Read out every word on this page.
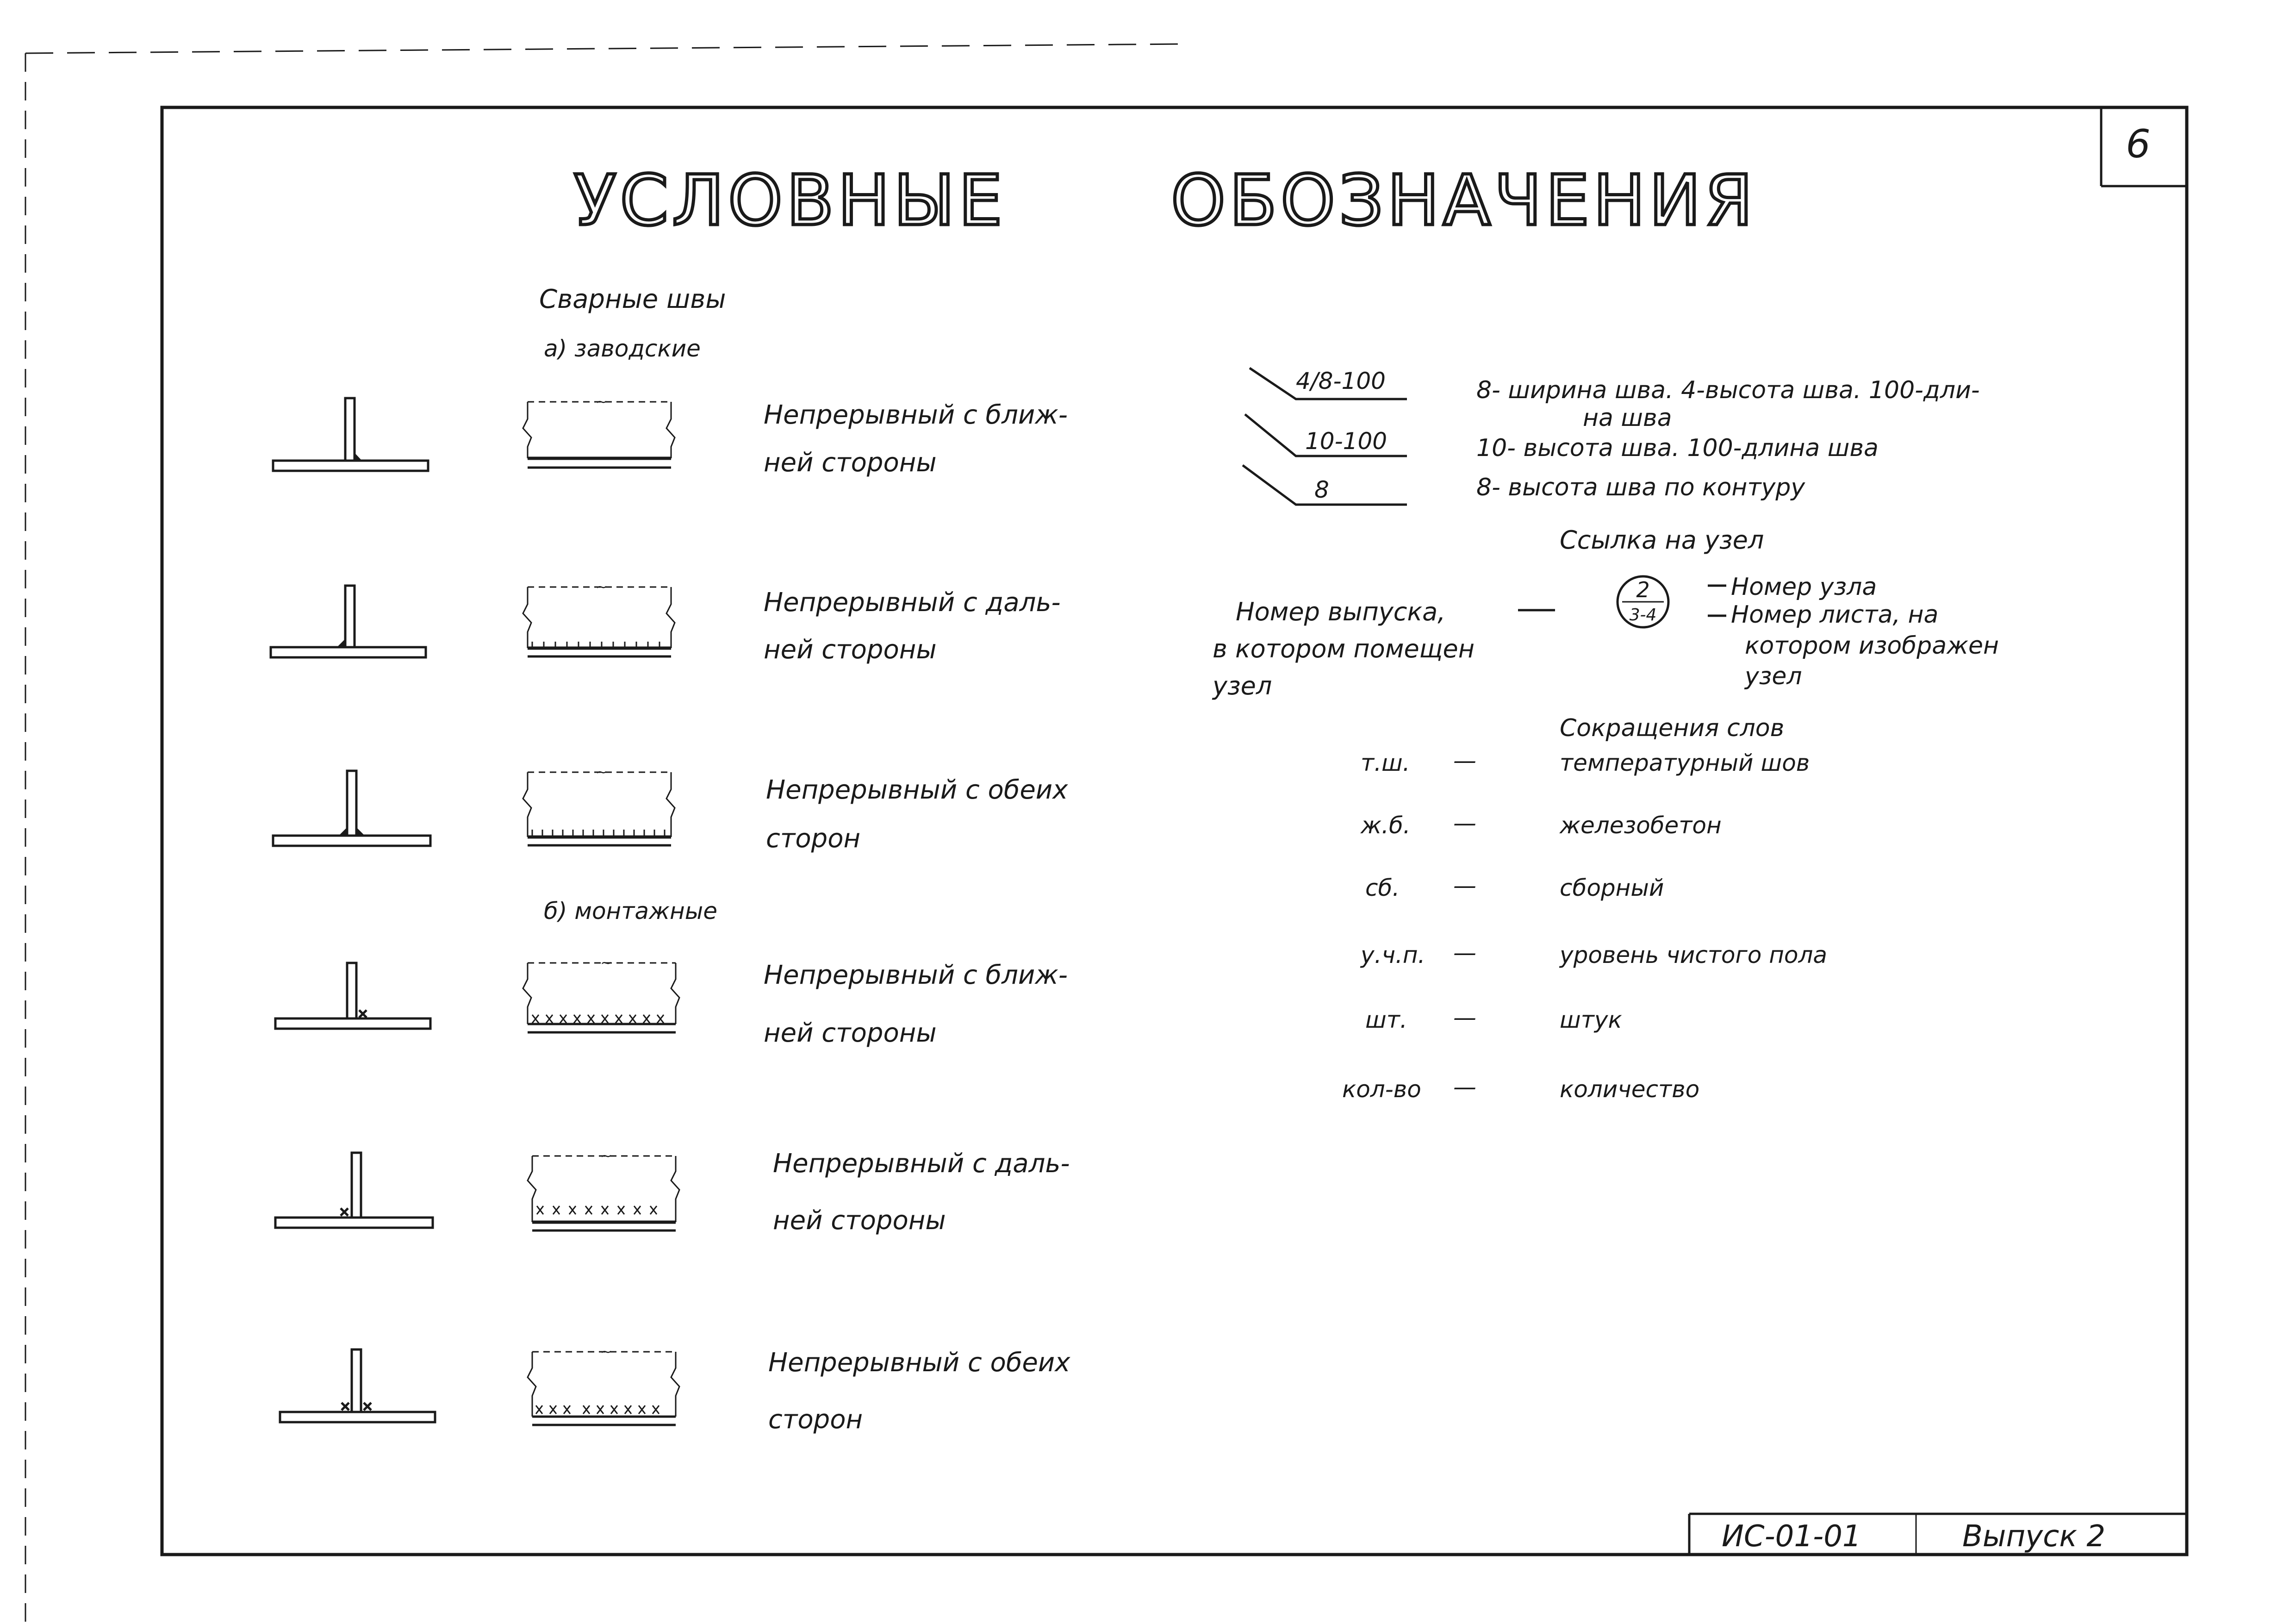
6
ИС-01-01	Выпуск 2
УСЛОВНЫЕ ОБОЗНАЧЕНИЯ
Сварные швы
а) заводские
~	Непрерывный с ближ-
ней стороны
~
Непрерывный с даль-
ней стороны
~
Непрерывный с обеих
сторон
б) монтажные
~	Непрерывный с ближ-
ней стороны
~	Непрерывный с даль-
ней стороны
~	Непрерывный с обеих
сторон
4/8-100	8- ширина шва. 4-высота шва. 100-дли-
на шва
10-100	10- высота шва. 100-длина шва
8	8- высота шва по контуру
Ссылка на узел
Номер выпуска,
в котором помещен
узел
2
3-4
Номер узла
Номер листа, на
котором изображен
узел
Сокращения слов
т.ш. —	температурный шов
ж.б. —	железобетон
сб. —	сборный
у.ч.п. —	уровень чистого пола
шт. —	штук
кол-во —	количество
